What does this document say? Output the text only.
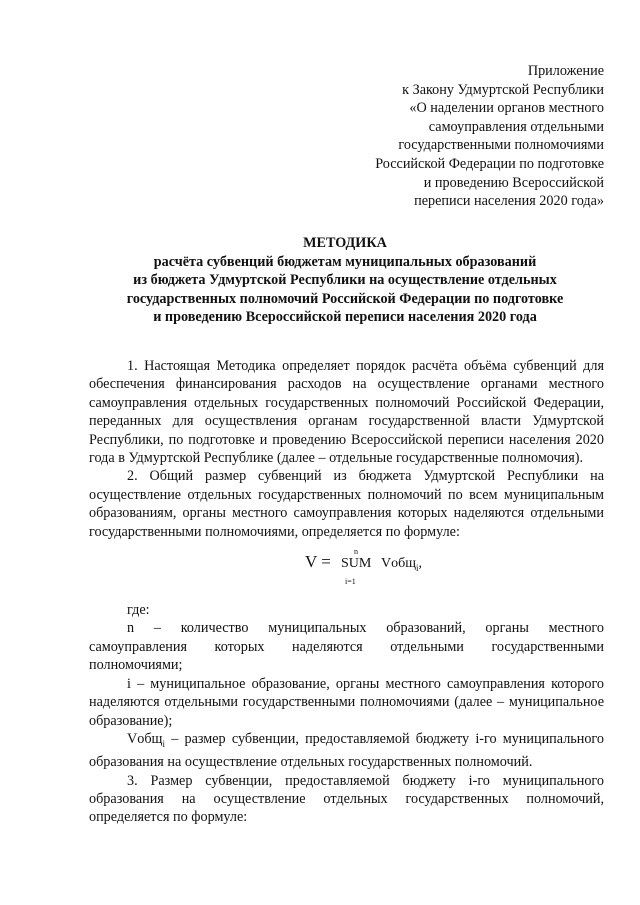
Приложение
к Закону Удмуртской Республики
«О наделении органов местного
самоуправления отдельными
государственными полномочиями
Российской Федерации по подготовке
и проведению Всероссийской
переписи населения 2020 года»
МЕТОДИКА
расчёта субвенций бюджетам муниципальных образований
из бюджета Удмуртской Республики на осуществление отдельных
государственных полномочий Российской Федерации по подготовке
и проведению Всероссийской переписи населения 2020 года

1. Настоящая Методика определяет порядок расчёта объёма субвенций для обеспечения финансирования расходов на осуществление органами местного самоуправления отдельных государственных полномочий Российской Федерации, переданных для осуществления органам государственной власти Удмуртской Республики, по подготовке и проведению Всероссийской переписи населения 2020 года в Удмуртской Республике (далее – отдельные государственные полномочия).

2. Общий размер субвенций из бюджета Удмуртской Республики на осуществление отдельных государственных полномочий по всем муниципальным образованиям, органы местного самоуправления которых наделяются отдельными государственными полномочиями, определяется по формуле:

V =
n
SUM
i=1
Vобщ$_i$,

где:

n – количество муниципальных образований, органы местного самоуправления которых наделяются отдельными государственными полномочиями;

i – муниципальное образование, органы местного самоуправления которого наделяются отдельными государственными полномочиями (далее – муниципальное образование);

Vобщ$_i$ – размер субвенции, предоставляемой бюджету i-го муниципального образования на осуществление отдельных государственных полномочий.

3. Размер субвенции, предоставляемой бюджету i-го муниципального образования на осуществление отдельных государственных полномочий, определяется по формуле:
